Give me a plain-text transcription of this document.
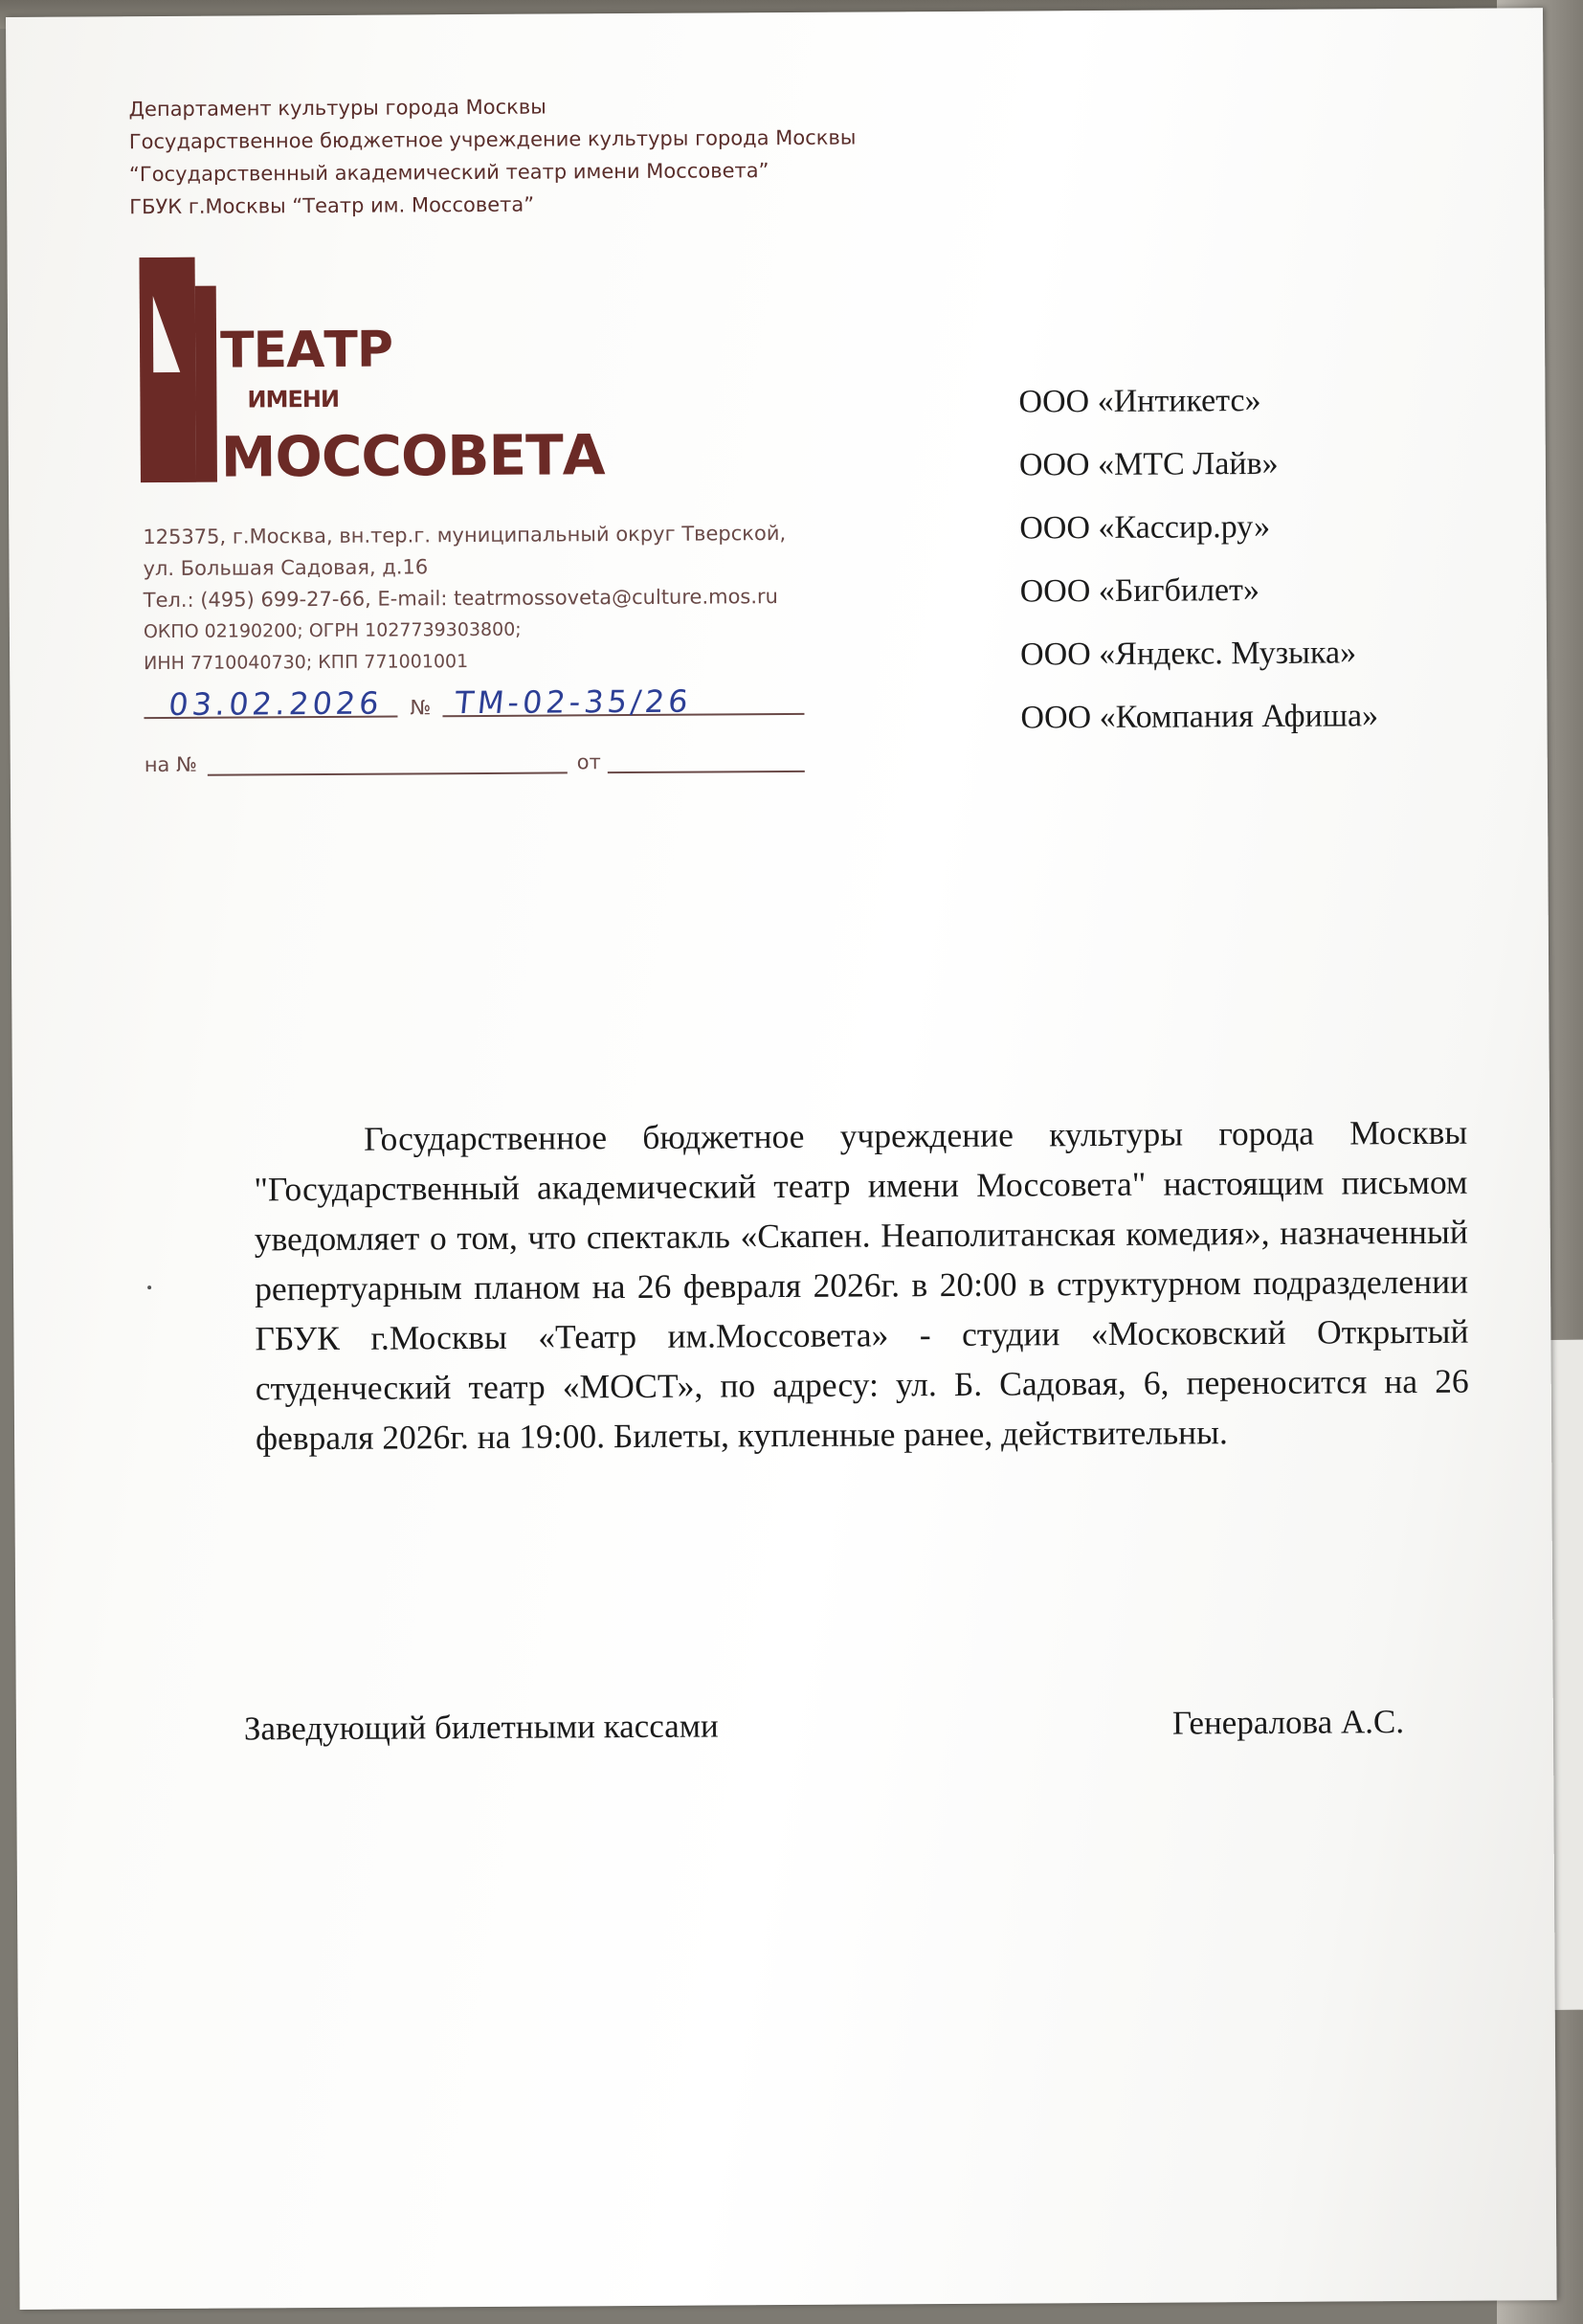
Департамент культуры города Москвы
Государственное бюджетное учреждение культуры города Москвы
“Государственный академический театр имени Моссовета”
ГБУК г.Москвы “Театр им. Моссовета”
ТЕАТР
ИМЕНИ
МОССОВЕТА
125375, г.Москва, вн.тер.г. муниципальный округ Тверской,
ул. Большая Садовая, д.16
Тел.: (495) 699-27-66, E-mail: teatrmossoveta@culture.mos.ru
ОКПО 02190200; ОГРН 1027739303800;
ИНН 7710040730; КПП 771001001
03.02.2026 № ТМ-02-35/26
на №	от
ООО «Интикетс»
ООО «МТС Лайв»
ООО «Кассир.ру»
ООО «Бигбилет»
ООО «Яндекс. Музыка»
ООО «Компания Афиша»
Государственное бюджетное учреждение культуры города Москвы "Государственный академический театр имени Моссовета" настоящим письмом уведомляет о том, что спектакль «Скапен. Неаполитанская комедия», назначенный репертуарным планом на 26 февраля 2026г. в 20:00 в структурном подразделении ГБУК г.Москвы «Театр им.Моссовета» - студии «Московский Открытый студенческий театр «МОСТ», по адресу: ул. Б. Садовая, 6, переносится на 26 февраля 2026г. на 19:00. Билеты, купленные ранее, действительны.
Заведующий билетными кассами	Генералова А.С.
